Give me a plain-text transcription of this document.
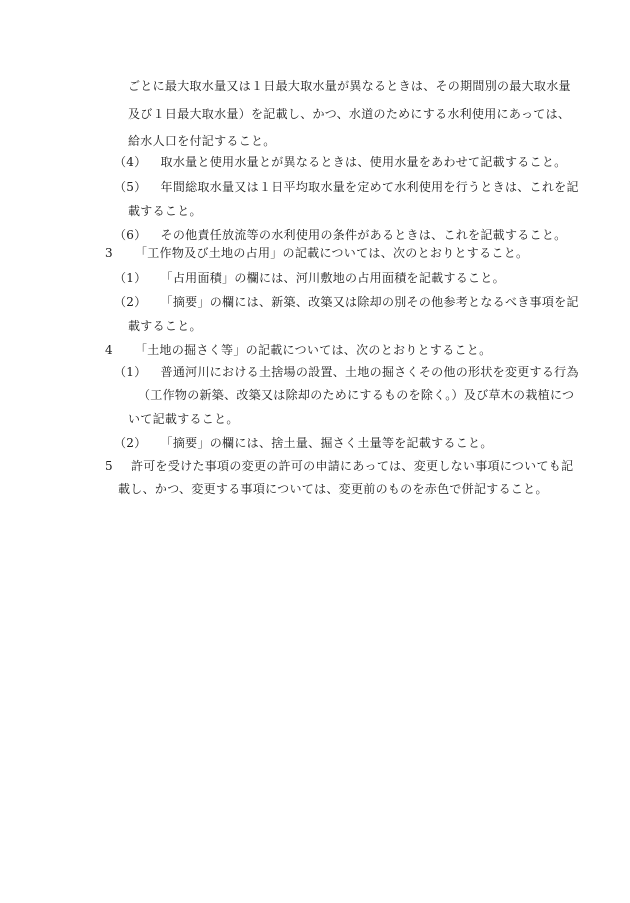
ごとに最大取水量又は１日最大取水量が異なるときは、その期間別の最大取水量
及び１日最大取水量）を記載し、かつ、水道のためにする水利使用にあっては、
給水人口を付記すること。
（4） 取水量と使用水量とが異なるときは、使用水量をあわせて記載すること。
（5） 年間総取水量又は１日平均取水量を定めて水利使用を行うときは、これを記
載すること。
（6） その他責任放流等の水利使用の条件があるときは、これを記載すること。
3 「工作物及び土地の占用」の記載については、次のとおりとすること。
（1） 「占用面積」の欄には、河川敷地の占用面積を記載すること。
（2） 「摘要」の欄には、新築、改築又は除却の別その他参考となるべき事項を記
載すること。
4 「土地の掘さく等」の記載については、次のとおりとすること。
（1） 普通河川における土捨場の設置、土地の掘さくその他の形状を変更する行為
（工作物の新築、改築又は除却のためにするものを除く。）及び草木の栽植につ
いて記載すること。
（2） 「摘要」の欄には、捨土量、掘さく土量等を記載すること。
5 許可を受けた事項の変更の許可の申請にあっては、変更しない事項についても記
載し、かつ、変更する事項については、変更前のものを赤色で併記すること。
